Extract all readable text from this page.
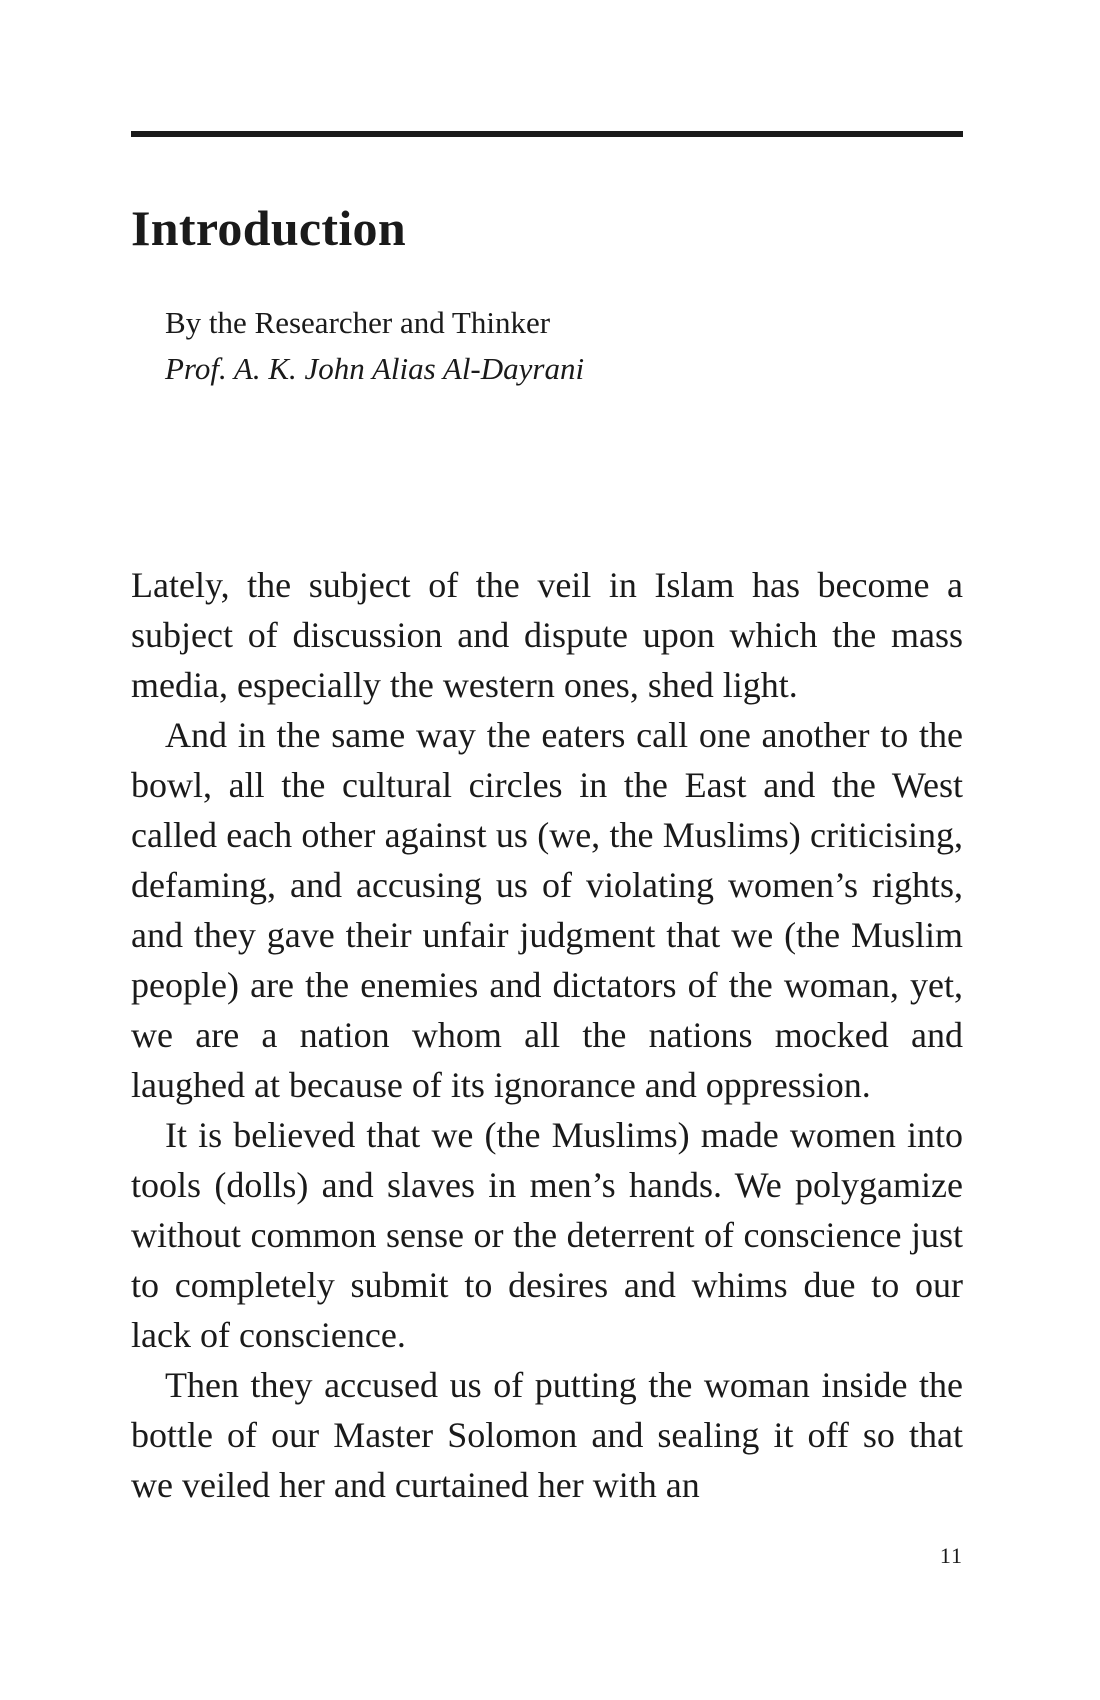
Introduction
By the Researcher and Thinker
Prof. A. K. John Alias Al-Dayrani

Lately, the subject of the veil in Islam has become a subject of discussion and dispute upon which the mass media, especially the western ones, shed light.

And in the same way the eaters call one another to the bowl, all the cultural circles in the East and the West called each other against us (we, the Muslims) criticising, defaming, and accusing us of violating women’s rights, and they gave their unfair judgment that we (the Muslim people) are the enemies and dictators of the woman, yet, we are a nation whom all the nations mocked and laughed at because of its ignorance and oppression.

It is believed that we (the Muslims) made women into tools (dolls) and slaves in men’s hands. We polygamize without common sense or the deterrent of conscience just to completely submit to desires and whims due to our lack of conscience.

Then they accused us of putting the woman inside the bottle of our Master Solomon and sealing it off so that we veiled her and curtained her with an

11
